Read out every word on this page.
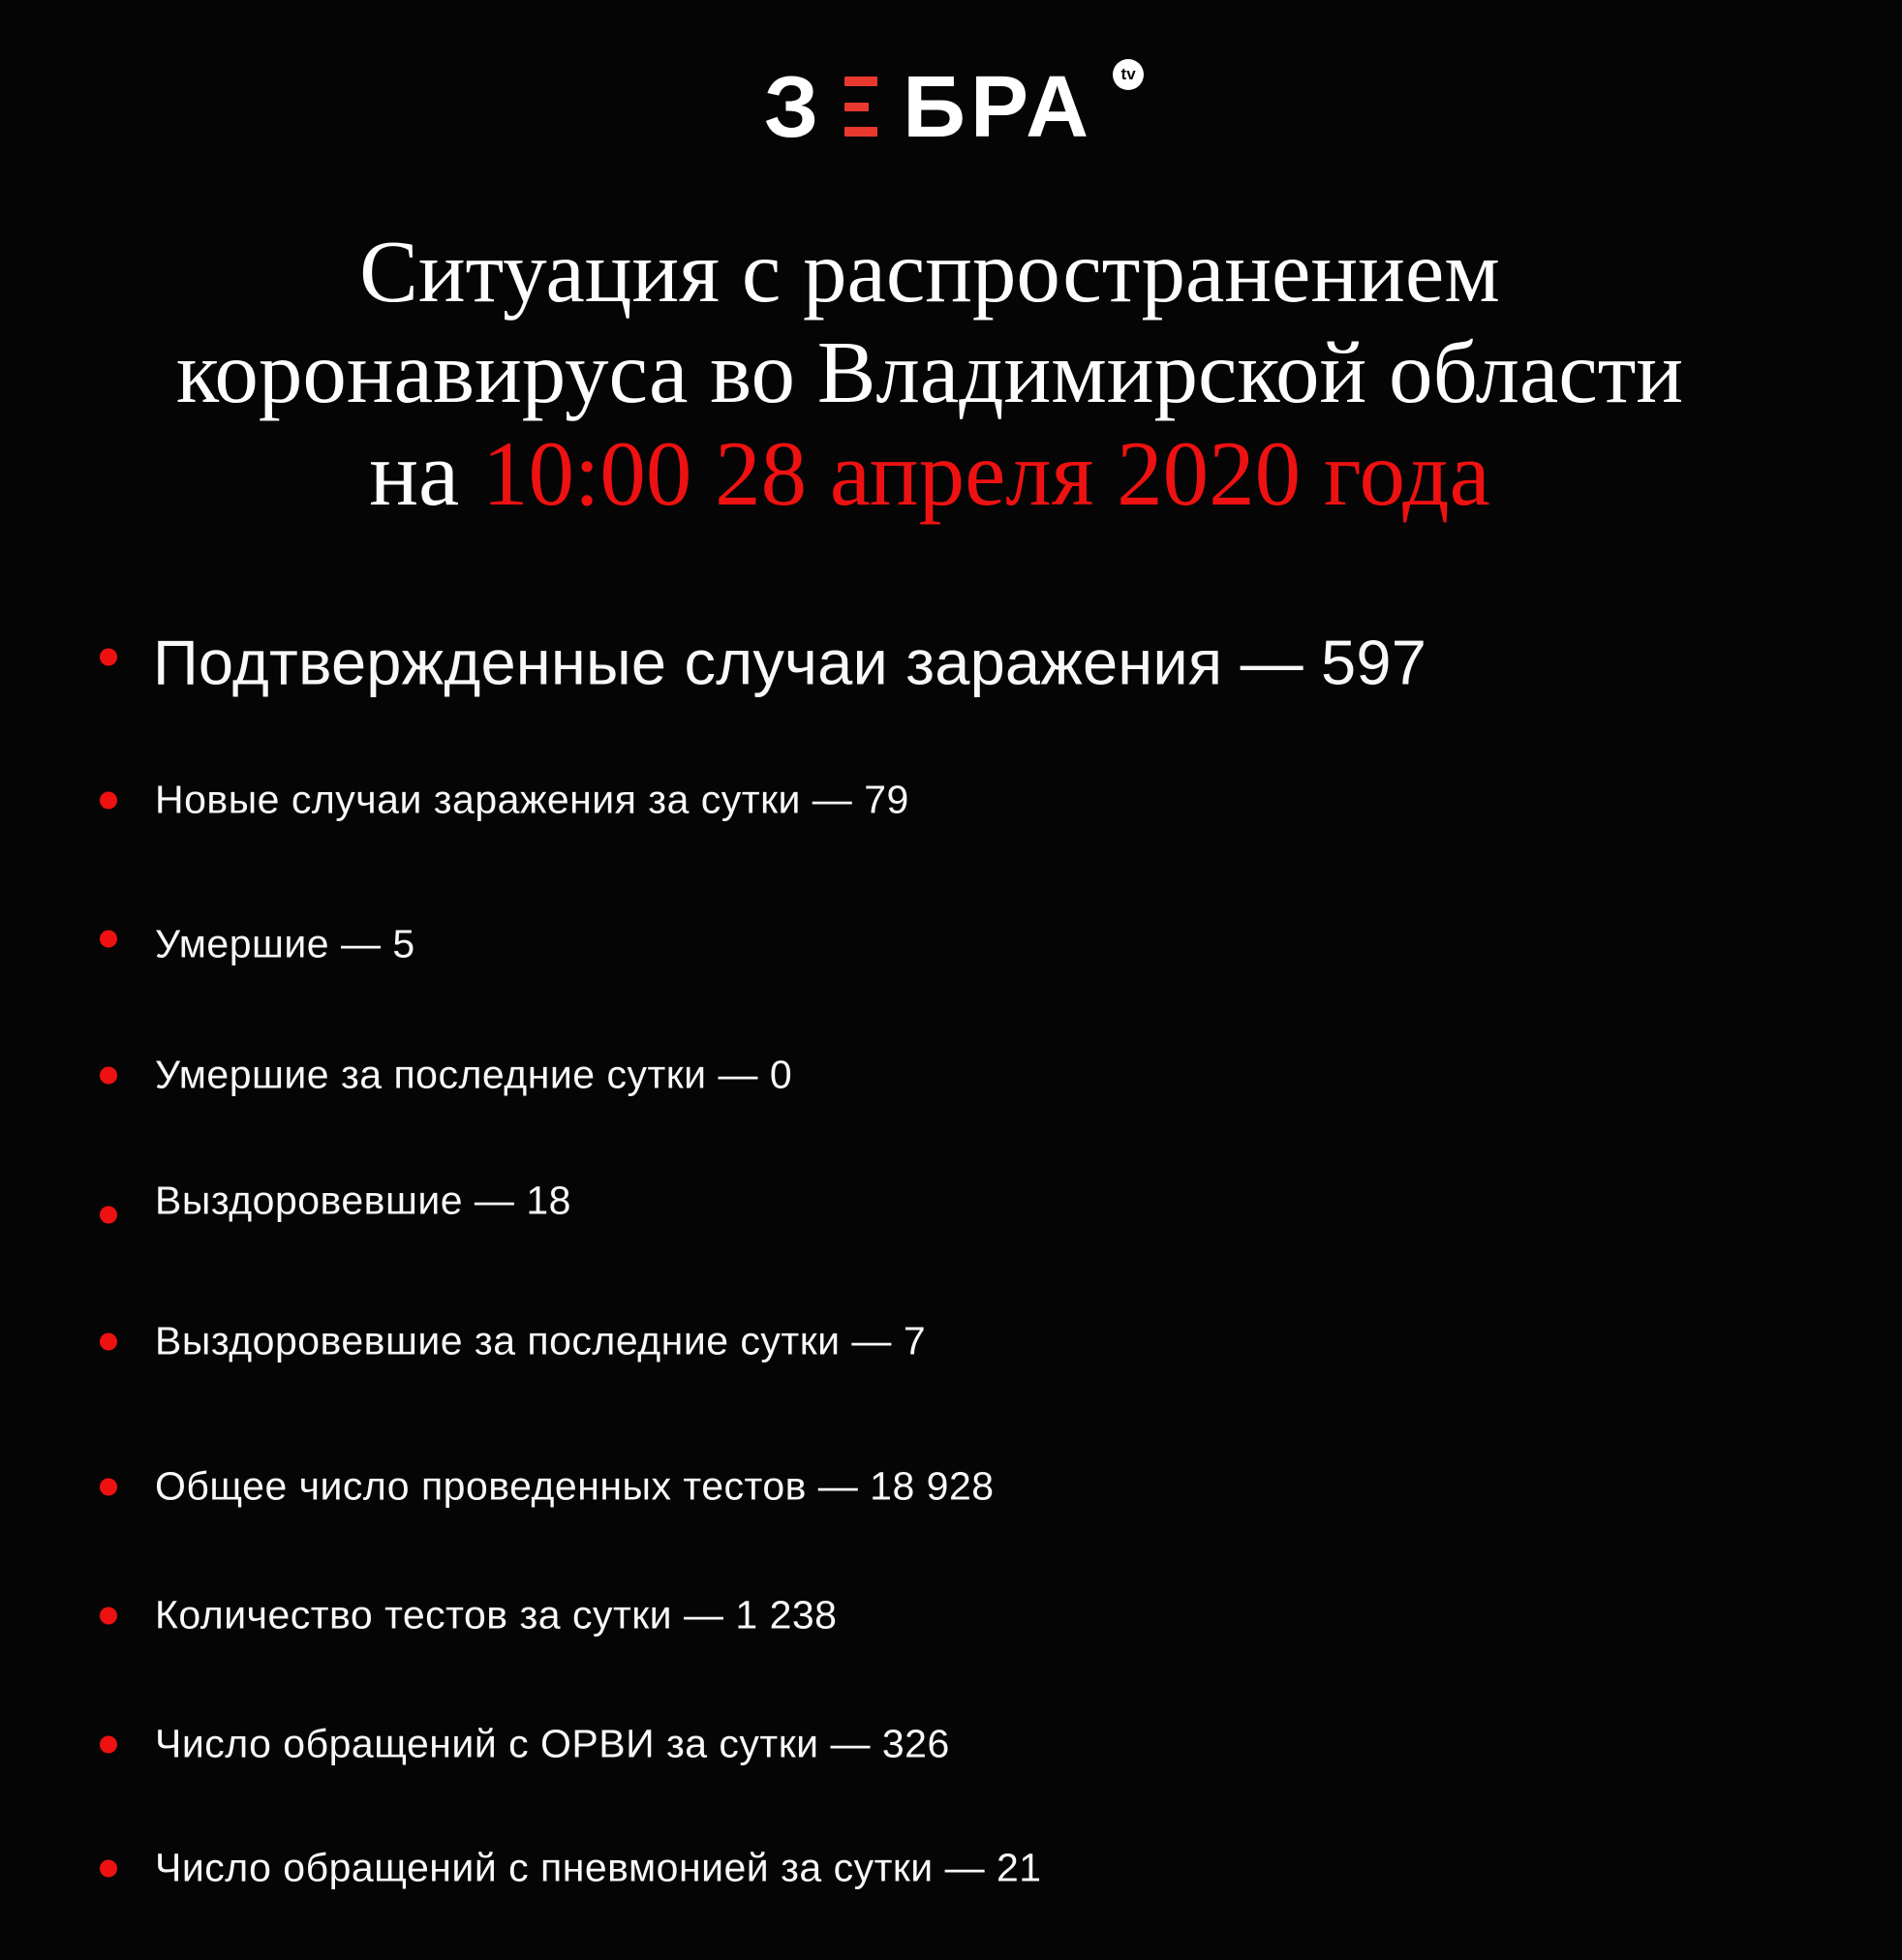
З БРА	tv
Ситуация с распространением
коронавируса во Владимирской области
на 10:00 28 апреля 2020 года
Подтвержденные случаи заражения — 597
Новые случаи заражения за сутки — 79
Умершие — 5
Умершие за последние сутки — 0
Выздоровевшие — 18
Выздоровевшие за последние сутки — 7
Общее число проведенных тестов — 18 928
Количество тестов за сутки — 1 238
Число обращений с ОРВИ за сутки — 326
Число обращений с пневмонией за сутки — 21
